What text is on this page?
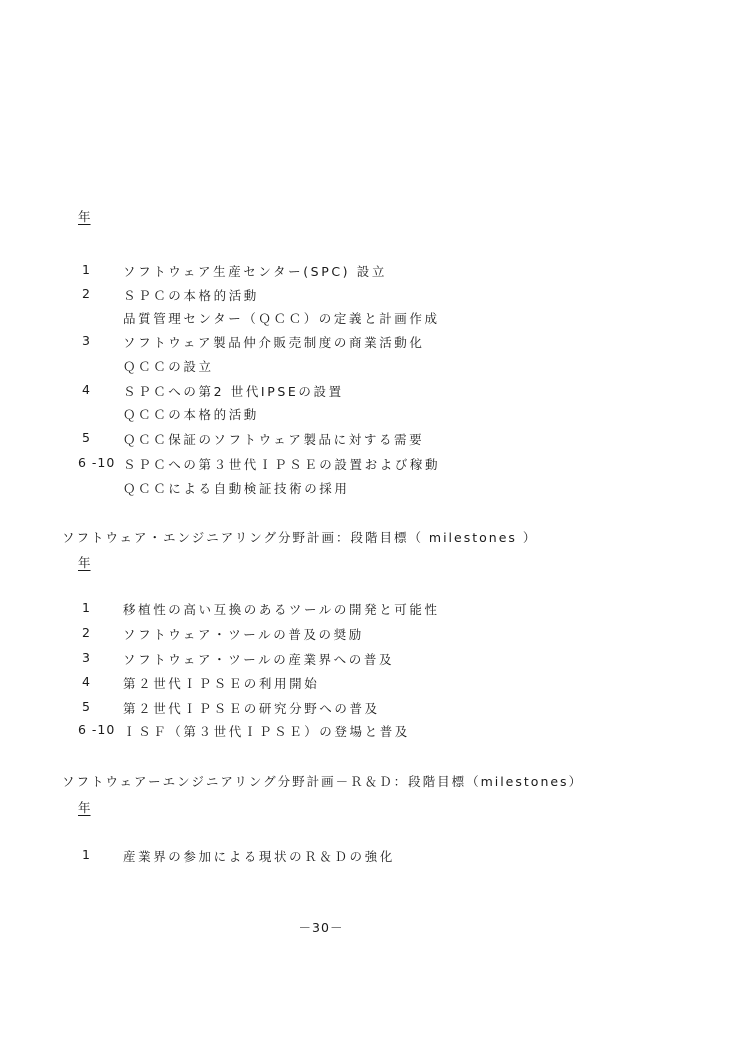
年
1	ソフトウェア生産センター(SPC) 設立
2	ＳＰＣの本格的活動
品質管理センター（ＱＣＣ）の定義と計画作成
3	ソフトウェア製品仲介販売制度の商業活動化
ＱＣＣの設立
4	ＳＰＣへの第2 世代IPSEの設置
ＱＣＣの本格的活動
5	ＱＣＣ保証のソフトウェア製品に対する需要
6 -10 ＳＰＣへの第３世代ＩＰＳＥの設置および稼動
ＱＣＣによる自動検証技術の採用
ソフトウェア・エンジニアリング分野計画：段階目標（ milestones ）
年
1	移植性の高い互換のあるツールの開発と可能性
2	ソフトウェア・ツールの普及の奨励
3	ソフトウェア・ツールの産業界への普及
4	第２世代ＩＰＳＥの利用開始
5	第２世代ＩＰＳＥの研究分野への普及
6 -10 ＩＳＦ（第３世代ＩＰＳＥ）の登場と普及
ソフトウェアーエンジニアリング分野計画－Ｒ＆Ｄ：段階目標（milestones）
年
1	産業界の参加による現状のＲ＆Ｄの強化
－30－
